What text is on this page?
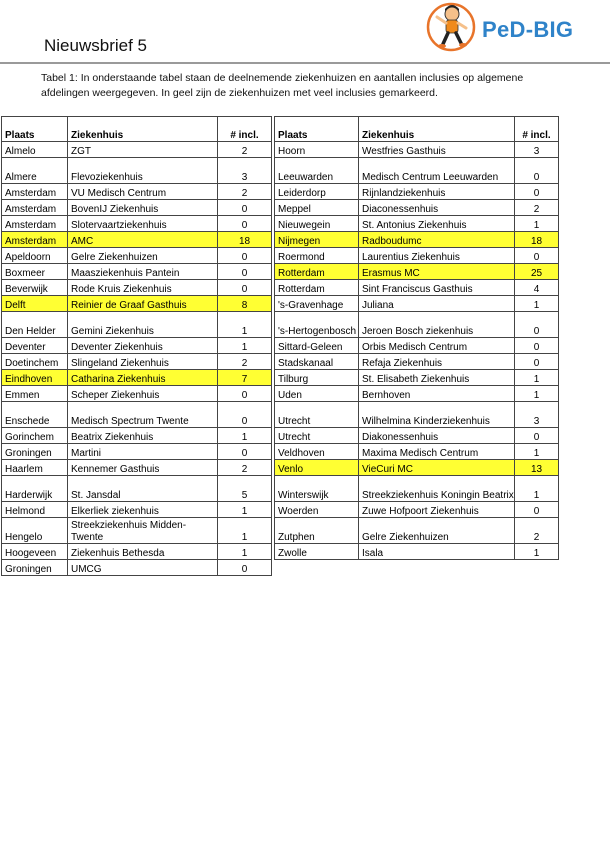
Nieuwsbrief 5
PeD-BIG
Tabel 1: In onderstaande tabel staan de deelnemende ziekenhuizen en aantallen inclusies op algemene afdelingen weergegeven. In geel zijn de ziekenhuizen met veel inclusies gemarkeerd.
Plaats	Ziekenhuis	# incl.
Almelo	ZGT	2
Almere	Flevoziekenhuis	3
Amsterdam	VU Medisch Centrum	2
Amsterdam	BovenIJ Ziekenhuis	0
Amsterdam	Slotervaartziekenhuis	0
Amsterdam	AMC	18
Apeldoorn	Gelre Ziekenhuizen	0
Boxmeer	Maasziekenhuis Pantein	0
Beverwijk	Rode Kruis Ziekenhuis	0
Delft	Reinier de Graaf Gasthuis	8
Den Helder	Gemini Ziekenhuis	1
Deventer	Deventer Ziekenhuis	1
Doetinchem	Slingeland Ziekenhuis	2
Eindhoven	Catharina Ziekenhuis	7
Emmen	Scheper Ziekenhuis	0
Enschede	Medisch Spectrum Twente	0
Gorinchem	Beatrix Ziekenhuis	1
Groningen	Martini	0
Haarlem	Kennemer Gasthuis	2
Harderwijk	St. Jansdal	5
Helmond	Elkerliek ziekenhuis	1
Hengelo	Streekziekenhuis Midden-Twente	1
Hoogeveen	Ziekenhuis Bethesda	1
Groningen	UMCG	0
Plaats	Ziekenhuis	# incl.
Hoorn	Westfries Gasthuis	3
Leeuwarden	Medisch Centrum Leeuwarden	0
Leiderdorp	Rijnlandziekenhuis	0
Meppel	Diaconessenhuis	2
Nieuwegein	St. Antonius Ziekenhuis	1
Nijmegen	Radboudumc	18
Roermond	Laurentius Ziekenhuis	0
Rotterdam	Erasmus MC	25
Rotterdam	Sint Franciscus Gasthuis	4
's-Gravenhage	Juliana	1
's-Hertogenbosch	Jeroen Bosch ziekenhuis	0
Sittard-Geleen	Orbis Medisch Centrum	0
Stadskanaal	Refaja Ziekenhuis	0
Tilburg	St. Elisabeth Ziekenhuis	1
Uden	Bernhoven	1
Utrecht	Wilhelmina Kinderziekenhuis	3
Utrecht	Diakonessenhuis	0
Veldhoven	Maxima Medisch Centrum	1
Venlo	VieCuri MC	13
Winterswijk	Streekziekenhuis Koningin Beatrix	1
Woerden	Zuwe Hofpoort Ziekenhuis	0
Zutphen	Gelre Ziekenhuizen	2
Zwolle	Isala	1
